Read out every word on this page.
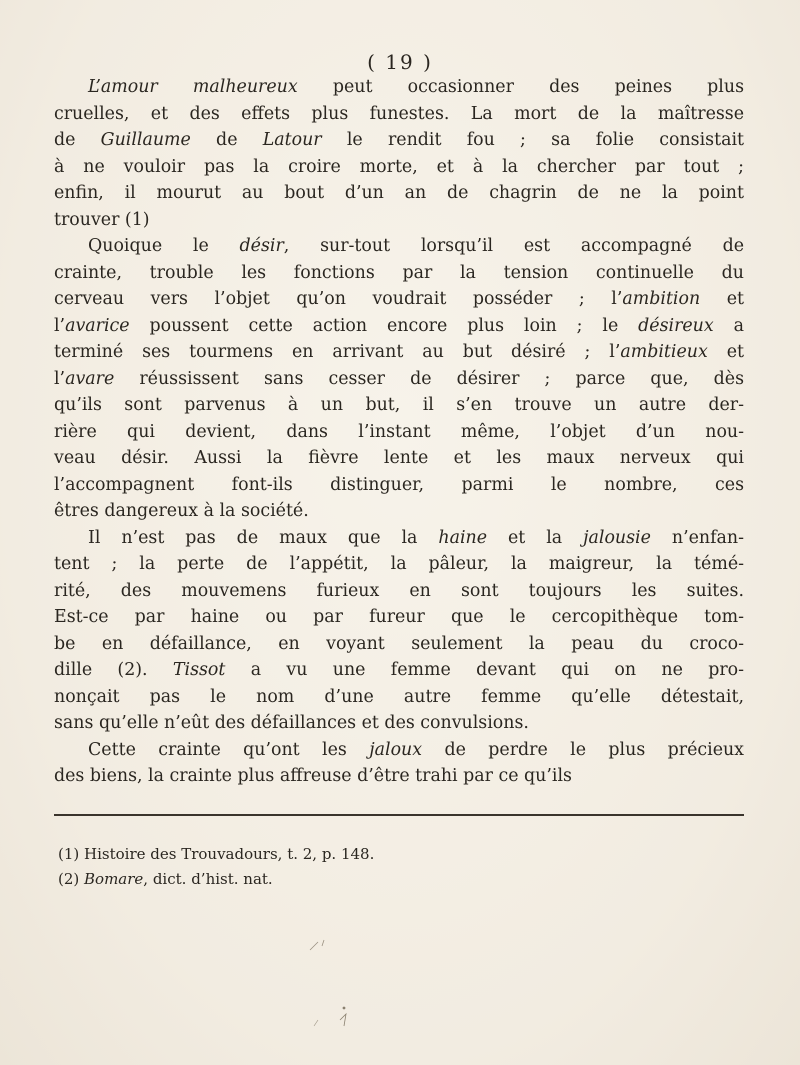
( 19 )

L’amour malheureux peut occasionner des peines plus
cruelles, et des effets plus funestes. La mort de la maîtresse
de Guillaume de Latour le rendit fou ; sa folie consistait
à ne vouloir pas la croire morte, et à la chercher par tout ;
enfin, il mourut au bout d’un an de chagrin de ne la point
trouver (1)

Quoique le désir, sur-tout lorsqu’il est accompagné de
crainte, trouble les fonctions par la tension continuelle du
cerveau vers l’objet qu’on voudrait posséder ; l’ambition et
l’avarice poussent cette action encore plus loin ; le désireux a
terminé ses tourmens en arrivant au but désiré ; l’ambitieux et
l’avare réussissent sans cesser de désirer ; parce que, dès
qu’ils sont parvenus à un but, il s’en trouve un autre der-
rière qui devient, dans l’instant même, l’objet d’un nou-
veau désir. Aussi la fièvre lente et les maux nerveux qui
l’accompagnent font-ils distinguer, parmi le nombre, ces
êtres dangereux à la société.

Il n’est pas de maux que la haine et la jalousie n’enfan-
tent ; la perte de l’appétit, la pâleur, la maigreur, la témé-
rité, des mouvemens furieux en sont toujours les suites.
Est-ce par haine ou par fureur que le cercopithèque tom-
be en défaillance, en voyant seulement la peau du croco-
dille (2). Tissot a vu une femme devant qui on ne pro-
nonçait pas le nom d’une autre femme qu’elle détestait,
sans qu’elle n’eût des défaillances et des convulsions.

Cette crainte qu’ont les jaloux de perdre le plus précieux
des biens, la crainte plus affreuse d’être trahi par ce qu’ils

(1) Histoire des Trouvadours, t. 2, p. 148.
(2) Bomare, dict. d’hist. nat.
